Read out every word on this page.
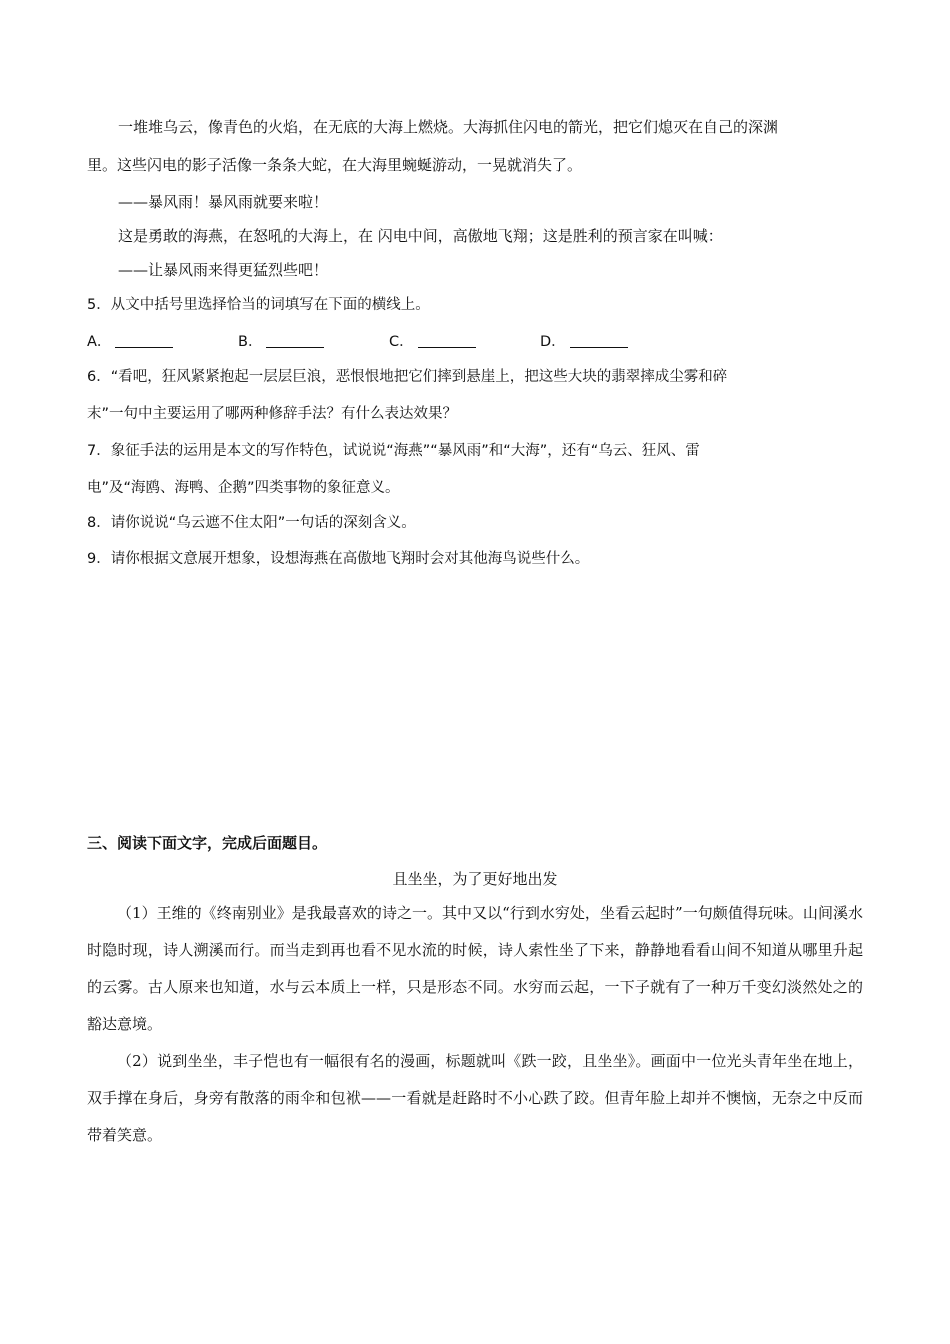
一堆堆乌云，像青色的火焰，在无底的大海上燃烧。大海抓住闪电的箭光，把它们熄灭在自己的深渊
里。这些闪电的影子活像一条条大蛇，在大海里蜿蜒游动，一晃就消失了。
——暴风雨！暴风雨就要来啦！
这是勇敢的海燕，在怒吼的大海上，在 闪电中间，高傲地飞翔；这是胜利的预言家在叫喊：
——让暴风雨来得更猛烈些吧！
5．从文中括号里选择恰当的词填写在下面的横线上。
A．	B．	C．	D．
6．“看吧，狂风紧紧抱起一层层巨浪，恶恨恨地把它们摔到悬崖上，把这些大块的翡翠摔成尘雾和碎
末”一句中主要运用了哪两种修辞手法？有什么表达效果？
7．象征手法的运用是本文的写作特色，试说说“海燕”“暴风雨”和“大海”，还有“乌云、狂风、雷
电”及“海鸥、海鸭、企鹅”四类事物的象征意义。
8．请你说说“乌云遮不住太阳”一句话的深刻含义。
9．请你根据文意展开想象，设想海燕在高傲地飞翔时会对其他海鸟说些什么。
三、阅读下面文字，完成后面题目。
且坐坐，为了更好地出发
（1）王维的《终南别业》是我最喜欢的诗之一。其中又以“行到水穷处，坐看云起时”一句颇值得玩味。山间溪水时隐时现，诗人溯溪而行。而当走到再也看不见水流的时候，诗人索性坐了下来，静静地看看山间不知道从哪里升起的云雾。古人原来也知道，水与云本质上一样，只是形态不同。水穷而云起，一下子就有了一种万千变幻淡然处之的豁达意境。
（2）说到坐坐，丰子恺也有一幅很有名的漫画，标题就叫《跌一跤，且坐坐》。画面中一位光头青年坐在地上，双手撑在身后，身旁有散落的雨伞和包袱——一看就是赶路时不小心跌了跤。但青年脸上却并不懊恼，无奈之中反而带着笑意。
